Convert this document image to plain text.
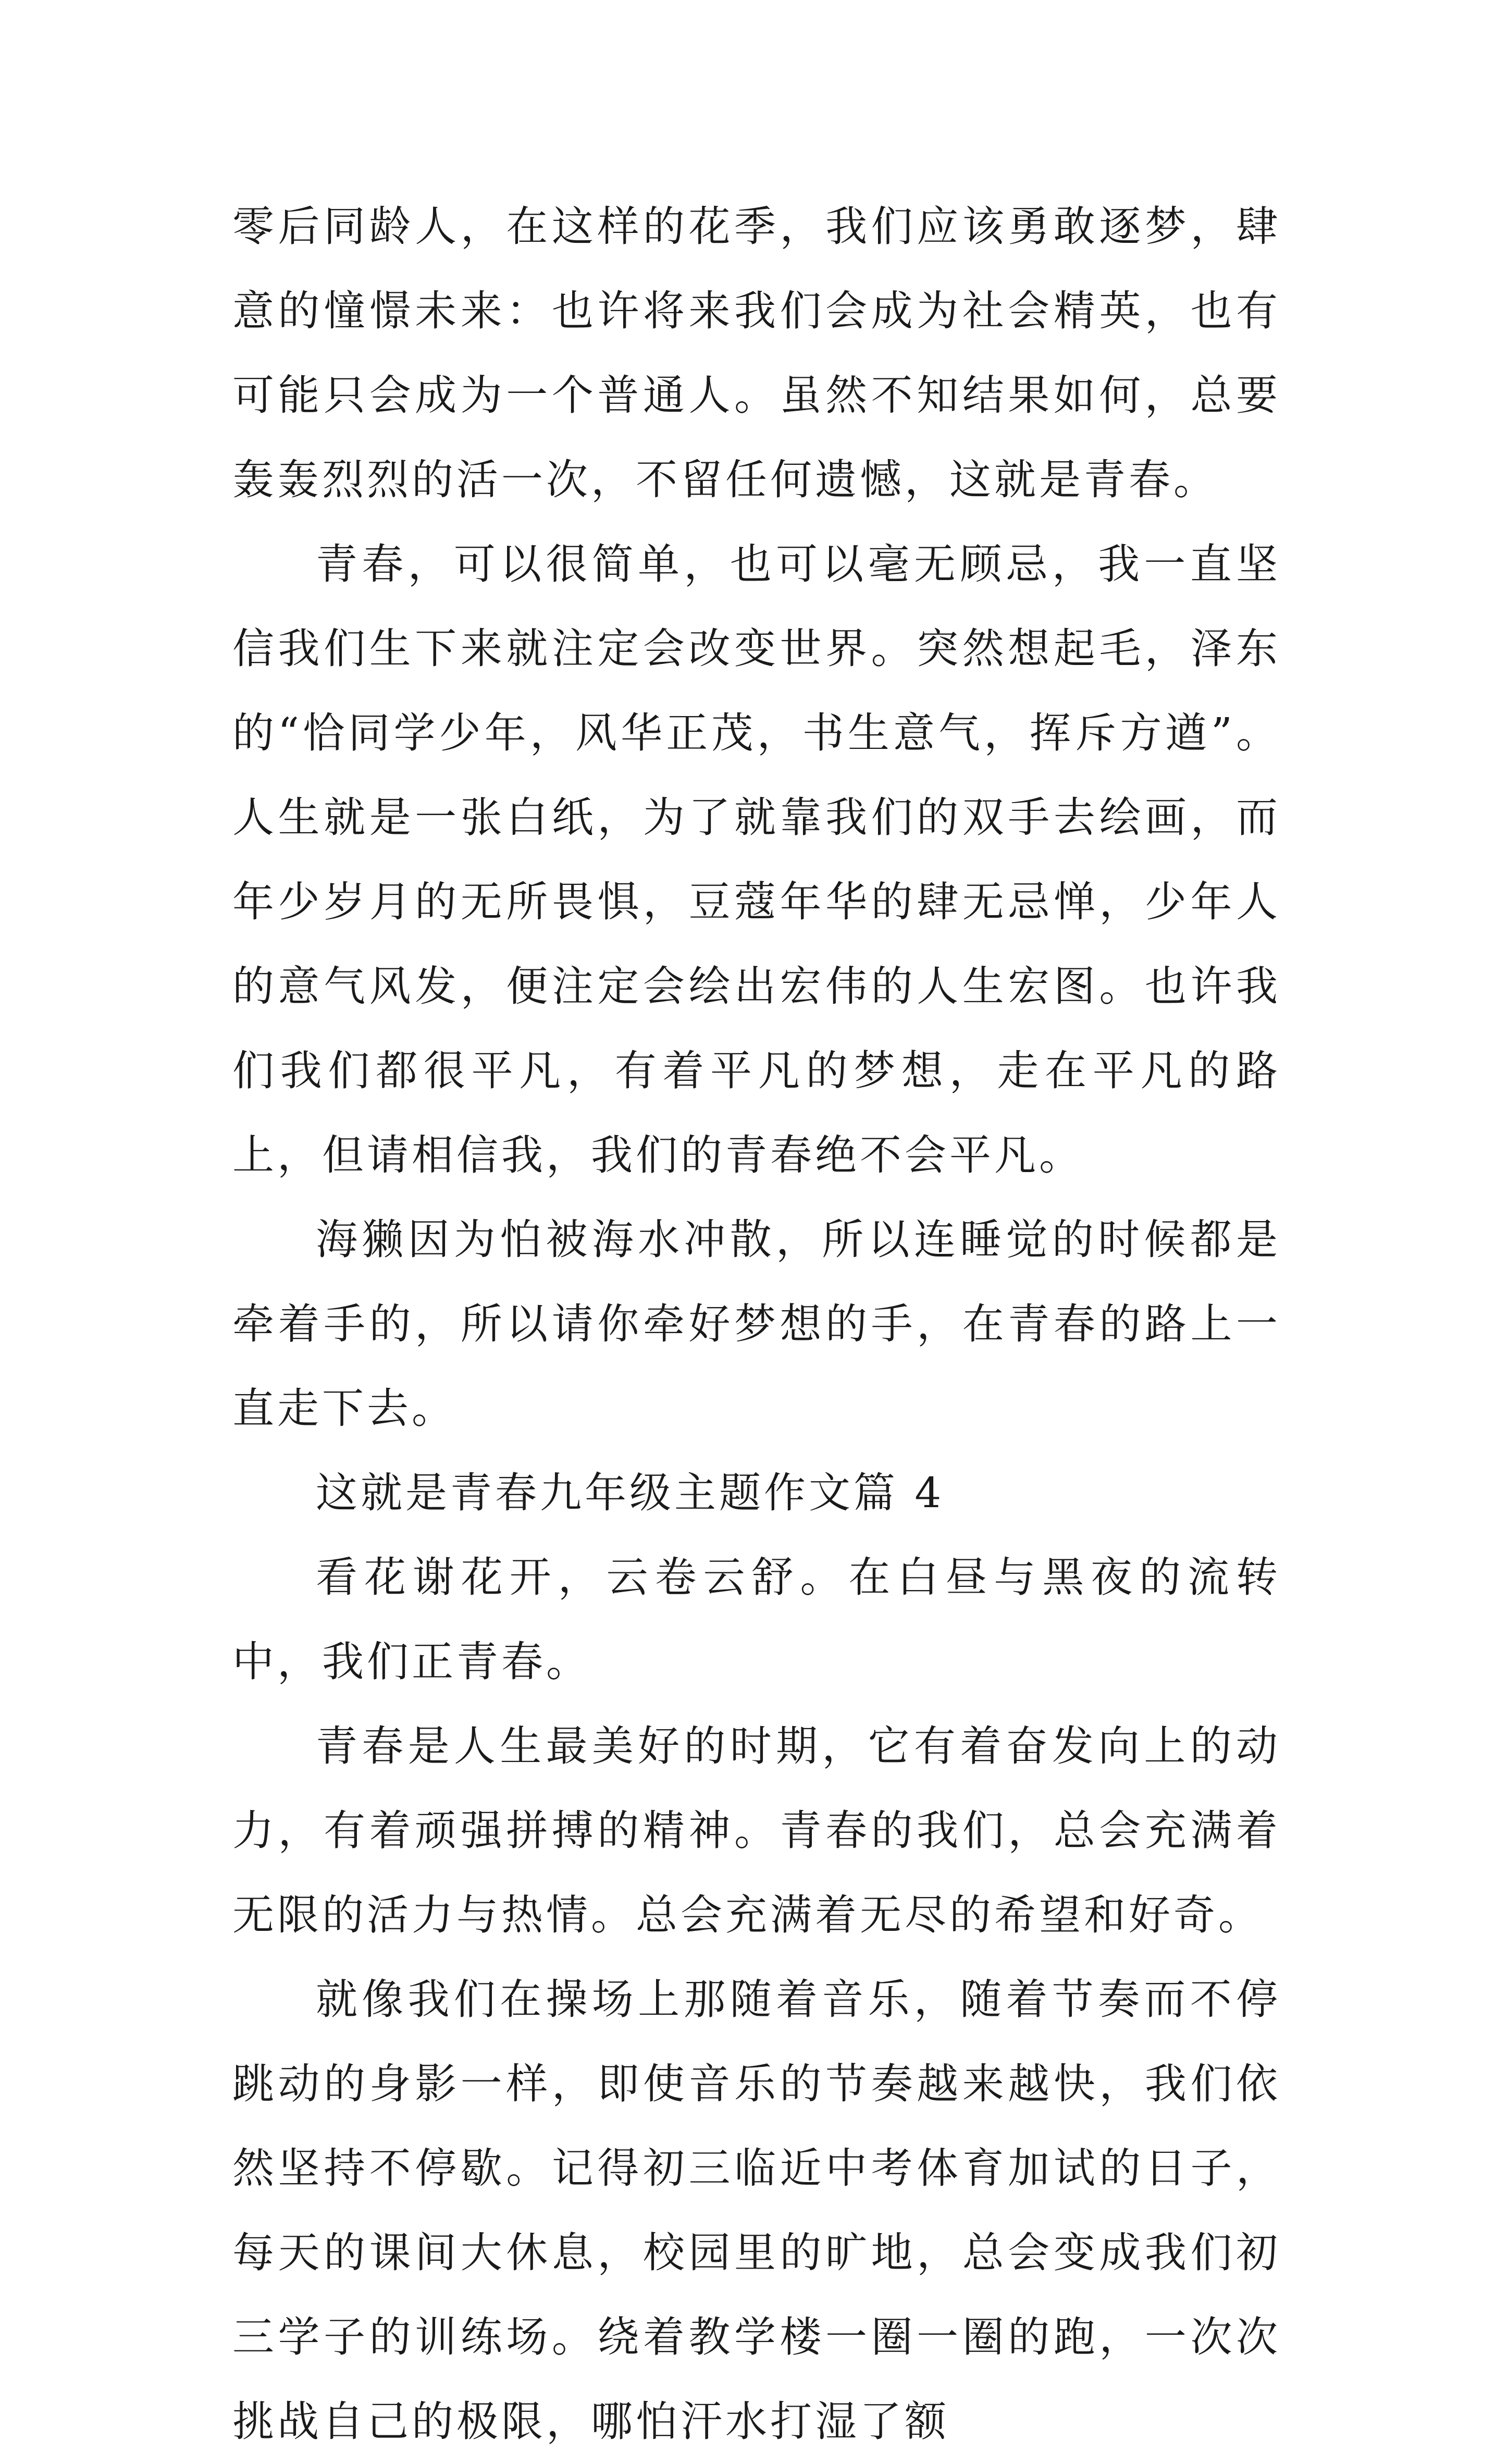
零后同龄人，在这样的花季，我们应该勇敢逐梦，肆意的憧憬未来：也许将来我们会成为社会精英，也有可能只会成为一个普通人。虽然不知结果如何，总要轰轰烈烈的活一次，不留任何遗憾，这就是青春。

青春，可以很简单，也可以毫无顾忌，我一直坚信我们生下来就注定会改变世界。突然想起毛，泽东的“恰同学少年，风华正茂，书生意气，挥斥方遒”。人生就是一张白纸，为了就靠我们的双手去绘画，而年少岁月的无所畏惧，豆蔻年华的肆无忌惮，少年人的意气风发，便注定会绘出宏伟的人生宏图。也许我们我们都很平凡，有着平凡的梦想，走在平凡的路上，但请相信我，我们的青春绝不会平凡。

海獭因为怕被海水冲散，所以连睡觉的时候都是牵着手的，所以请你牵好梦想的手，在青春的路上一直走下去。

这就是青春九年级主题作文篇 4

看花谢花开，云卷云舒。在白昼与黑夜的流转中，我们正青春。

青春是人生最美好的时期，它有着奋发向上的动力，有着顽强拼搏的精神。青春的我们，总会充满着无限的活力与热情。总会充满着无尽的希望和好奇。

就像我们在操场上那随着音乐，随着节奏而不停跳动的身影一样，即使音乐的节奏越来越快，我们依然坚持不停歇。记得初三临近中考体育加试的日子，每天的课间大休息，校园里的旷地，总会变成我们初三学子的训练场。绕着教学楼一圈一圈的跑，一次次挑战自己的极限，哪怕汗水打湿了额
